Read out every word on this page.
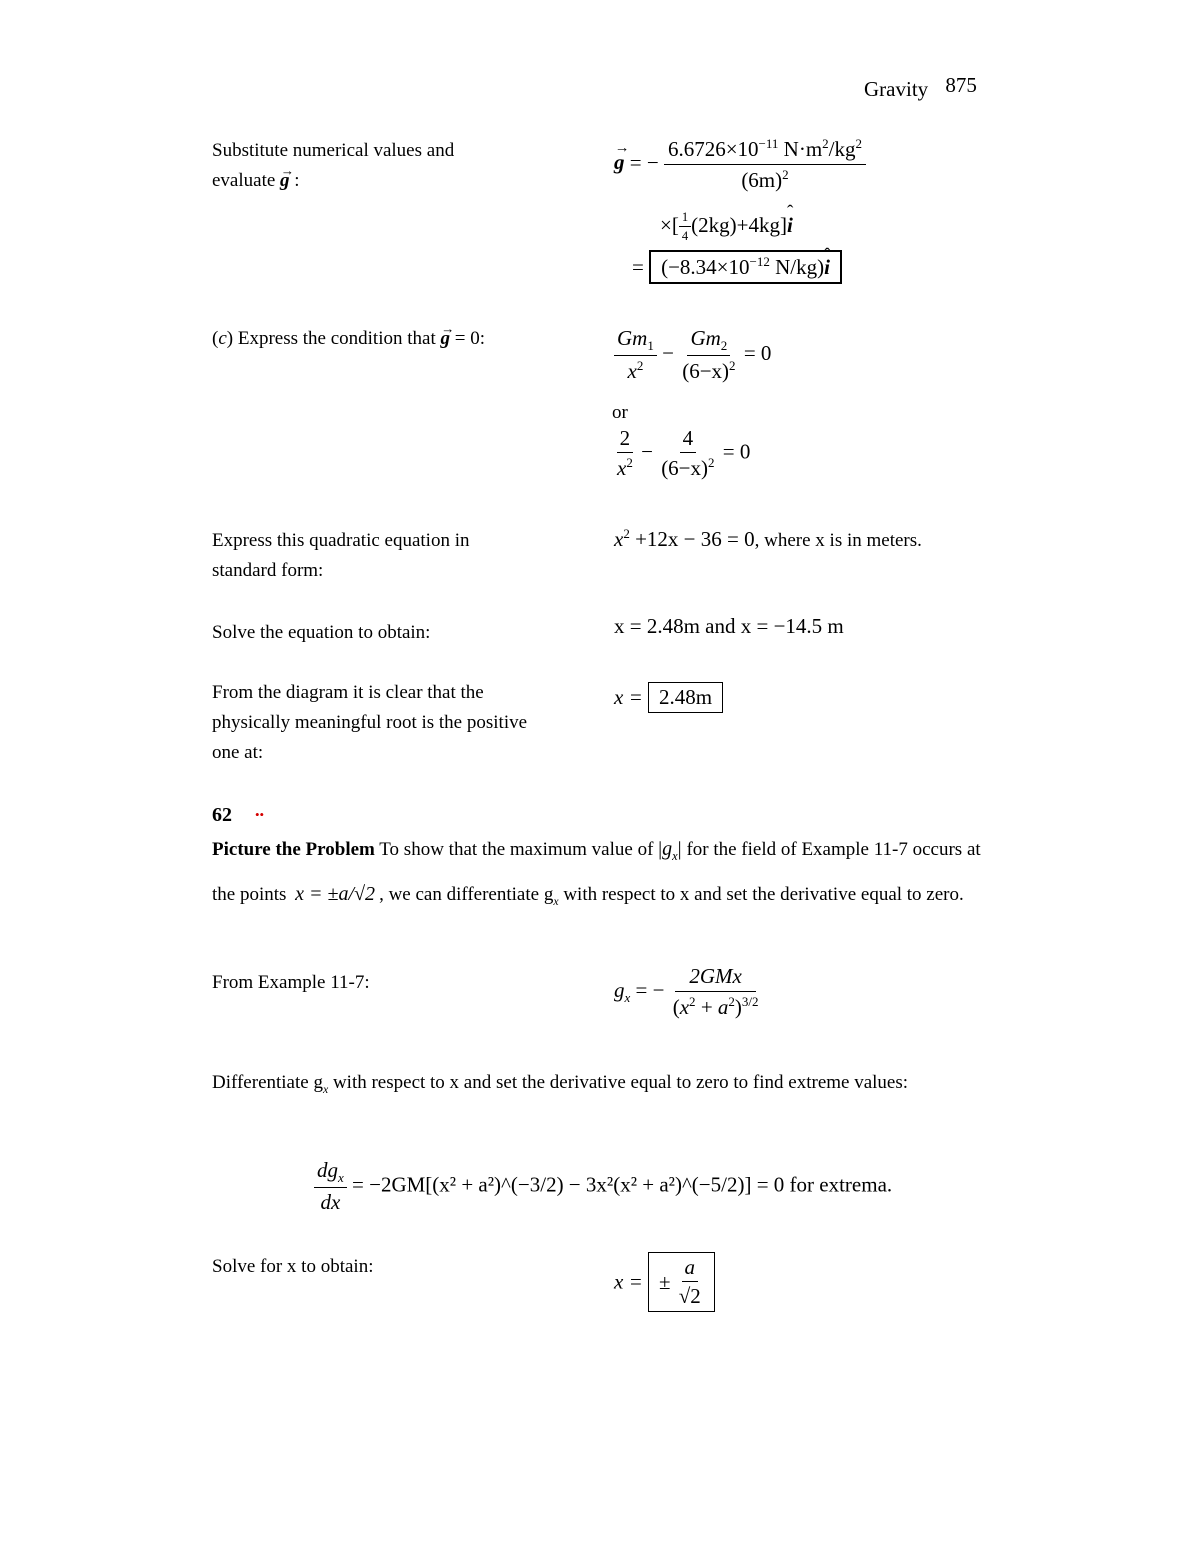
Gravity 875
Substitute numerical values and evaluate → g :
→ g = − $\frac{6.6726\times 10^{-11} N\cdot m^2/kg^2}{(6m)^2}$
×[ $\frac{1}{4}$ (2kg)+4kg]ˆ i
= ($-8.34\times 10^{-12}$ N/kg)ˆ i
(c) Express the condition that → g = 0:	$\frac{Gm_1}{x^2} - \frac{Gm_2}{(6-x)^2} = 0$
or
$\frac{2}{x^2} - \frac{4}{(6-x)^2} = 0$
Express this quadratic equation in standard form:
$x^2 +12x - 36 = 0$, where x is in meters.
Solve the equation to obtain:	x = 2.48m and x = −14.5 m
From the diagram it is clear that the physically meaningful root is the positive one at:
x = 2.48m
62 ••
Picture the Problem To show that the maximum value of $|g_x|$ for the field of Example 11-7 occurs at the points x = ±a/√2 , we can differentiate $g_x$ with respect to x and set the derivative equal to zero.
From Example 11-7:	$g_x$ = − $\frac{\text{2GMx}}{(x^2 + a^2)^{3/2}}$
Differentiate $g_x$ with respect to x and set the derivative equal to zero to find extreme values:
$\frac{dg_x}{dx} = -2GM[(x^2$ + a²)^(−3/2) − 3x²(x² + a²)^(−5/2)] = 0 for extrema.
Solve for x to obtain:
x = ± $\frac{a}{√2}$
